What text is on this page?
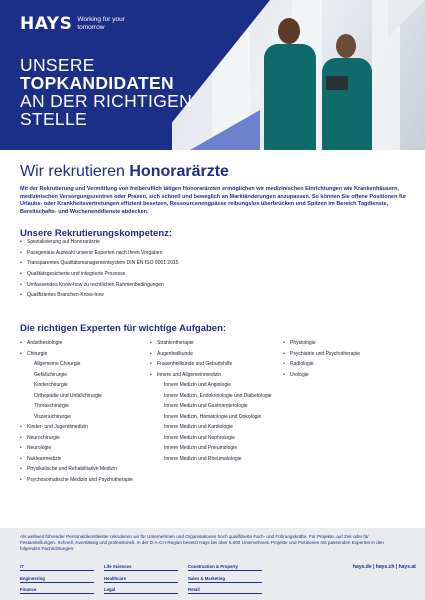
HAYS Working for your tomorrow
UNSERE
TOPKANDIDATEN
AN DER RICHTIGEN
STELLE
Wir rekrutieren Honorarärzte

Mit der Rekrutierung und Vermittlung von freiberuflich tätigen Honorarärzten ermöglichen wir medizinischen Einrichtungen wie Krankenhäusern, medizinischen Versorgungszentren oder Praxen, sich schnell und beweglich an Marktänderungen anzupassen. So können Sie offene Positionen für Urlaubs- oder Krankheitsvertretungen effizient besetzen, Ressourcenengpässe reibungslos überbrücken und Spitzen im Bereich Tagdienste, Bereitschafts- und Wochenenddienste abdecken.

Unsere Rekrutierungskompetenz:
• Spezialisierung auf Honorarärzte
• Passgenaue Auswahl unserer Experten nach Ihren Vorgaben
• Transparentes Qualitätsmanagementsystem DIN EN ISO 9001:2015
• Qualitätsgesicherte und integrierte Prozesse
• Umfassendes Know-how zu rechtlichen Rahmenbedingungen
• Qualifiziertes Branchen-Know-how
Die richtigen Experten für wichtige Aufgaben:
• Anästhesiologie
• Chirurgie
Allgemeine Chirurgie
Gefäßchirurgie
Kinderchirurgie
Orthopädie und Unfallchirurgie
Thoraxchirurgie
Viszeralchirurgie
• Kinder- und Jugendmedizin
• Neurochirurgie
• Neurologie
• Nuklearmedizin
• Physikalische und Rehabilitative Medizin
• Psychosomatische Medizin und Psychotherapie
• Strahlentherapie
• Augenheilkunde
• Frauenheilkunde und Geburtshilfe
• Innere und Allgemeinmedizin
Innere Medizin und Angiologie
Innere Medizin, Endokrinologie und Diabetologie
Innere Medizin und Gastroenterologie
Innere Medizin, Hämatologie und Onkologie
Innere Medizin und Kardiologie
Innere Medizin und Nephrologie
Innere Medizin und Pneumologie
Innere Medizin und Rheumatologie
• Physiologie
• Psychiatrie und Psychotherapie
• Radiologie
• Urologie

Als weltweit führender Personaldienstleister rekrutieren wir für Unternehmen und Organisationen hoch qualifizierte Fach- und Führungskräfte. Für Projekte, auf Zeit oder für Festanstellungen. Schnell, zuverlässig und professionell. In der D-A-CH-Region besetzt Hays bei über 5.600 Unternehmen Projekte und Positionen mit passenden Experten in den folgenden Fachrichtungen:

IT	Life Sciences	Construction & Property
Engineering	Healthcare	Sales & Marketing
Finance	Legal	Retail
hays.de | hays.ch | hays.at
